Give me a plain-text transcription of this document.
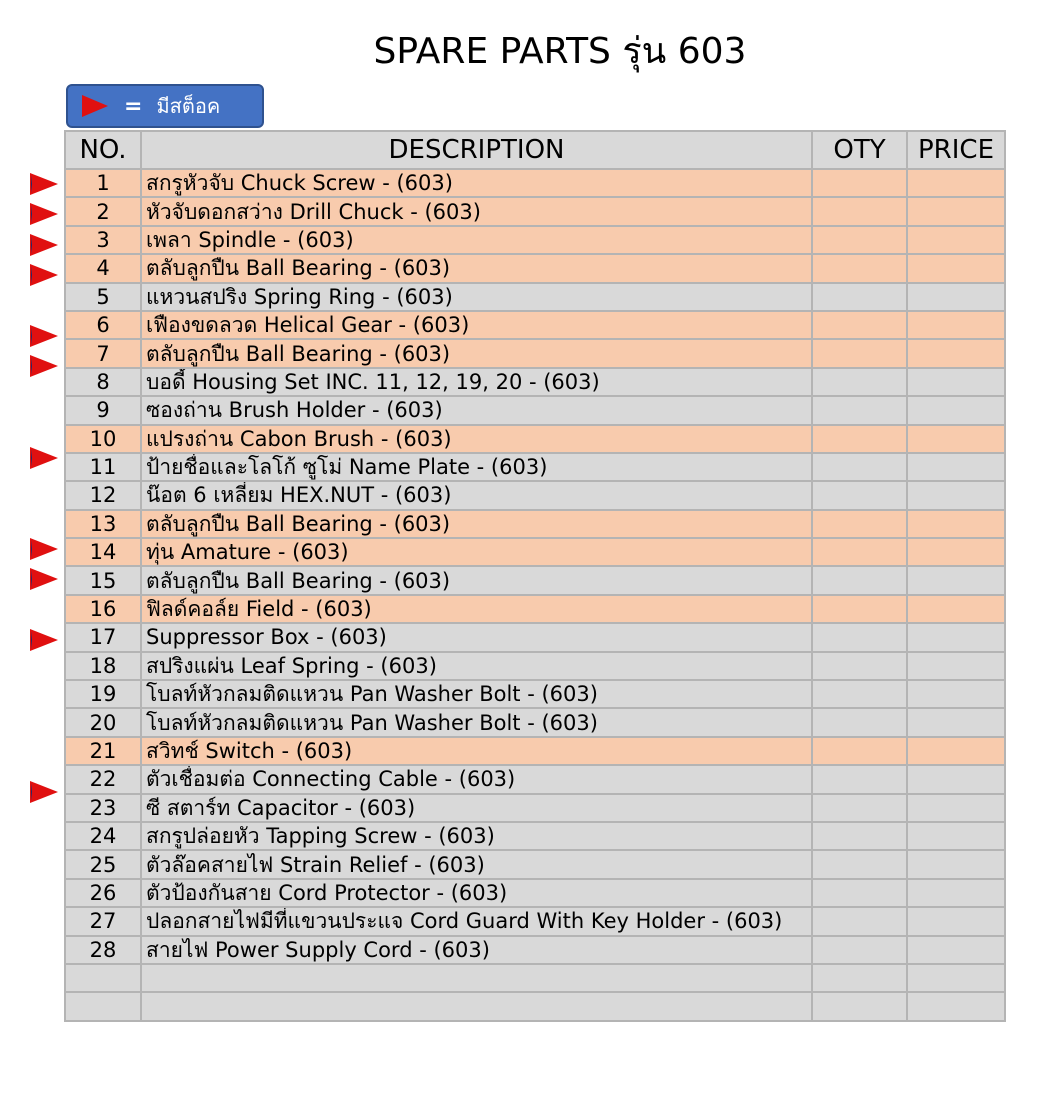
SPARE PARTS รุ่น 603
= มีสต็อค
NO.	DESCRIPTION	OTY	PRICE
1	สกรูหัวจับ Chuck Screw - (603)		
2	หัวจับดอกสว่าง Drill Chuck - (603)		
3	เพลา Spindle - (603)		
4	ตลับลูกปืน Ball Bearing - (603)		
5	แหวนสปริง Spring Ring - (603)		
6	เฟืองขดลวด Helical Gear - (603)		
7	ตลับลูกปืน Ball Bearing - (603)		
8	บอดี้ Housing Set INC. 11, 12, 19, 20 - (603)		
9	ซองถ่าน Brush Holder - (603)		
10	แปรงถ่าน Cabon Brush - (603)		
11	ป้ายชื่อและโลโก้ ซูโม่ Name Plate - (603)		
12	น๊อต 6 เหลี่ยม HEX.NUT - (603)		
13	ตลับลูกปืน Ball Bearing - (603)		
14	ทุ่น Amature - (603)		
15	ตลับลูกปืน Ball Bearing - (603)		
16	ฟิลด์คอล์ย Field - (603)		
17	Suppressor Box - (603)		
18	สปริงแผ่น Leaf Spring - (603)		
19	โบลท์หัวกลมติดแหวน Pan Washer Bolt - (603)		
20	โบลท์หัวกลมติดแหวน Pan Washer Bolt - (603)		
21	สวิทช์ Switch - (603)		
22	ตัวเชื่อมต่อ Connecting Cable - (603)		
23	ซี สตาร์ท Capacitor - (603)		
24	สกรูปล่อยหัว Tapping Screw - (603)		
25	ตัวล๊อคสายไฟ Strain Relief - (603)		
26	ตัวป้องกันสาย Cord Protector - (603)		
27	ปลอกสายไฟมีที่แขวนประแจ Cord Guard With Key Holder - (603)		
28	สายไฟ Power Supply Cord - (603)		
